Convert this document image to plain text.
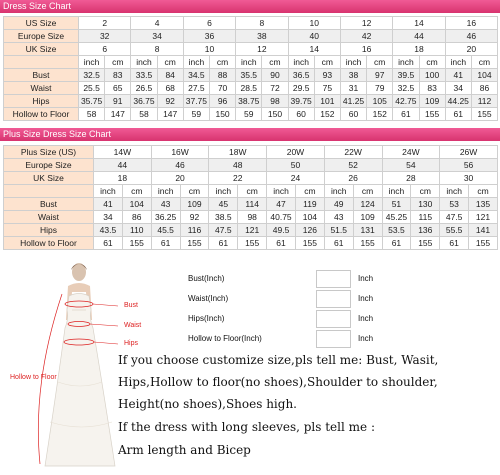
Dress Size Chart
US Size	2		4		6		8		10		12		14		16	
Europe Size	32		34		36		38		40		42		44		46	
UK Size	6		8		10		12		14		16		18		20	
	inch	cm	inch	cm	inch	cm	inch	cm	inch	cm	inch	cm	inch	cm	inch	cm
Bust	32.5	83	33.5	84	34.5	88	35.5	90	36.5	93	38	97	39.5	100	41	104
Waist	25.5	65	26.5	68	27.5	70	28.5	72	29.5	75	31	79	32.5	83	34	86
Hips	35.75	91	36.75	92	37.75	96	38.75	98	39.75	101	41.25	105	42.75	109	44.25	112
Hollow to Floor	58	147	58	147	59	150	59	150	60	152	60	152	61	155	61	155
Plus Size Dress Size Chart
Plus Size (US)	14W		16W		18W		20W		22W		24W		26W	
Europe Size	44		46		48		50		52		54		56	
UK Size	18		20		22		24		26		28		30	
	inch	cm	inch	cm	inch	cm	inch	cm	inch	cm	inch	cm	inch	cm
Bust	41	104	43	109	45	114	47	119	49	124	51	130	53	135
Waist	34	86	36.25	92	38.5	98	40.75	104	43	109	45.25	115	47.5	121
Hips	43.5	110	45.5	116	47.5	121	49.5	126	51.5	131	53.5	136	55.5	141
Hollow to Floor	61	155	61	155	61	155	61	155	61	155	61	155	61	155
Bust
Waist
Hips
Hollow to Floor
Bust(Inch)	Inch
Waist(Inch)	Inch
Hips(Inch)	Inch
Hollow to Floor(Inch)	Inch
If you choose customize size,pls tell me: Bust, Wasit,
Hips,Hollow to floor(no shoes),Shoulder to shoulder,
Height(no shoes),Shoes high.
If the dress with long sleeves, pls tell me :
Arm length and Bicep
